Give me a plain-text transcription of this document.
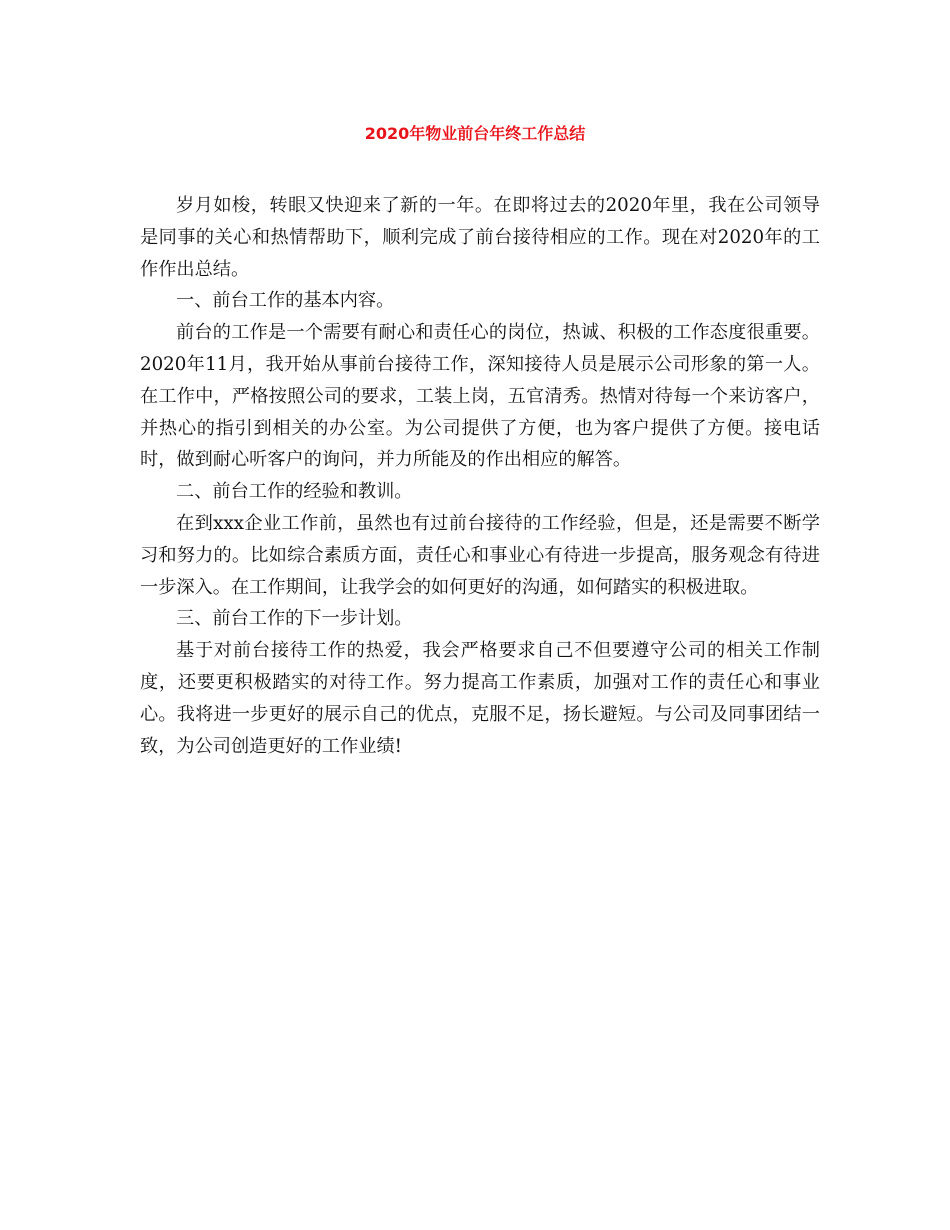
2020年物业前台年终工作总结

岁月如梭，转眼又快迎来了新的一年。在即将过去的2020年里，我在公司领导是同事的关心和热情帮助下，顺利完成了前台接待相应的工作。现在对2020年的工作作出总结。

一、前台工作的基本内容。

前台的工作是一个需要有耐心和责任心的岗位，热诚、积极的工作态度很重要。2020年11月，我开始从事前台接待工作，深知接待人员是展示公司形象的第一人。在工作中，严格按照公司的要求，工装上岗，五官清秀。热情对待每一个来访客户，并热心的指引到相关的办公室。为公司提供了方便，也为客户提供了方便。接电话时，做到耐心听客户的询问，并力所能及的作出相应的解答。

二、前台工作的经验和教训。

在到xxx企业工作前，虽然也有过前台接待的工作经验，但是，还是需要不断学习和努力的。比如综合素质方面，责任心和事业心有待进一步提高，服务观念有待进一步深入。在工作期间，让我学会的如何更好的沟通，如何踏实的积极进取。

三、前台工作的下一步计划。

基于对前台接待工作的热爱，我会严格要求自己不但要遵守公司的相关工作制度，还要更积极踏实的对待工作。努力提高工作素质，加强对工作的责任心和事业心。我将进一步更好的展示自己的优点，克服不足，扬长避短。与公司及同事团结一致，为公司创造更好的工作业绩!
